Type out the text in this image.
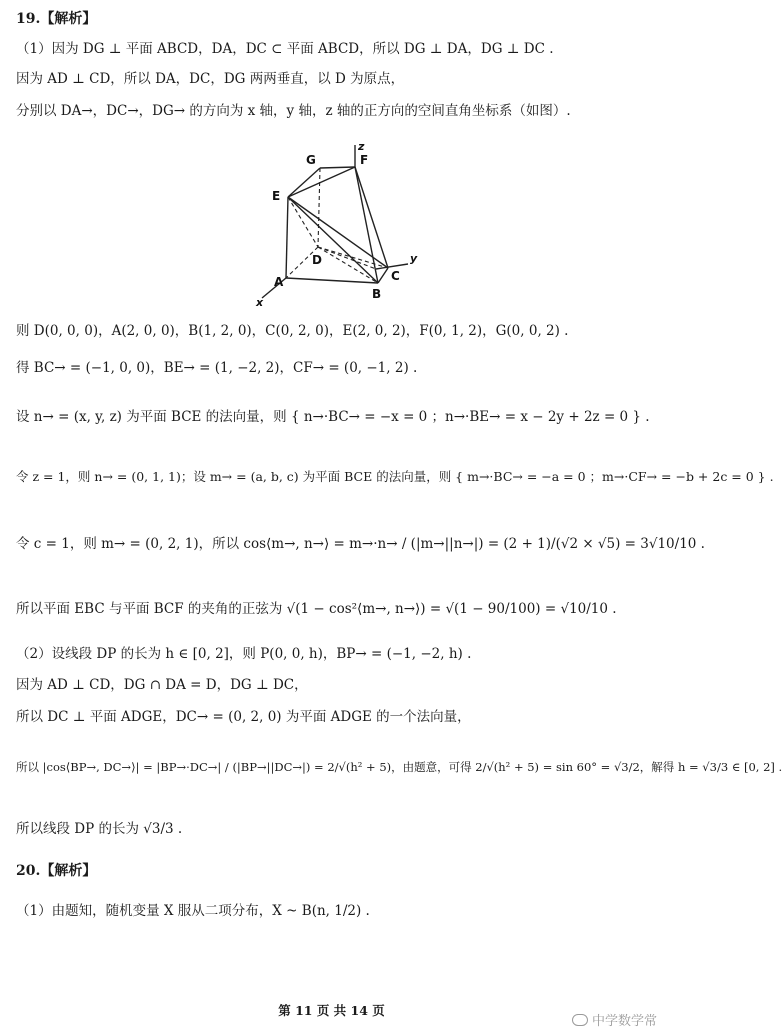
19.【解析】
（1）因为 DG ⊥ 平面 ABCD，DA，DC ⊂ 平面 ABCD，所以 DG ⊥ DA，DG ⊥ DC .
因为 AD ⊥ CD，所以 DA，DC，DG 两两垂直，以 D 为原点，
分别以 DA→，DC→，DG→ 的方向为 x 轴，y 轴，z 轴的正方向的空间直角坐标系（如图）.
G	F
E
D
A
B
C
x
y
z
则 D(0, 0, 0)，A(2, 0, 0)，B(1, 2, 0)，C(0, 2, 0)，E(2, 0, 2)，F(0, 1, 2)，G(0, 0, 2) .
得 BC→ = (−1, 0, 0)，BE→ = (1, −2, 2)，CF→ = (0, −1, 2) .
设 n→ = (x, y, z) 为平面 BCE 的法向量，则 { n→·BC→ = −x = 0 ；n→·BE→ = x − 2y + 2z = 0 } .
令 z = 1，则 n→ = (0, 1, 1)；设 m→ = (a, b, c) 为平面 BCE 的法向量，则 { m→·BC→ = −a = 0 ；m→·CF→ = −b + 2c = 0 } .
令 c = 1，则 m→ = (0, 2, 1)，所以 cos⟨m→, n→⟩ = m→·n→ / (|m→||n→|) = (2 + 1)/(√2 × √5) = 3√10/10 .
所以平面 EBC 与平面 BCF 的夹角的正弦为 √(1 − cos²⟨m→, n→⟩) = √(1 − 90/100) = √10/10 .
（2）设线段 DP 的长为 h ∈ [0, 2]，则 P(0, 0, h)，BP→ = (−1, −2, h) .
因为 AD ⊥ CD，DG ∩ DA = D，DG ⊥ DC，
所以 DC ⊥ 平面 ADGE，DC→ = (0, 2, 0) 为平面 ADGE 的一个法向量，
所以 |cos⟨BP→, DC→⟩| = |BP→·DC→| / (|BP→||DC→|) = 2/√(h² + 5)，由题意，可得 2/√(h² + 5) = sin 60° = √3/2，解得 h = √3/3 ∈ [0, 2] .
所以线段 DP 的长为 √3/3 .
20.【解析】
（1）由题知，随机变量 X 服从二项分布，X ~ B(n, 1/2) .
第 11 页 共 14 页
中学数学常
